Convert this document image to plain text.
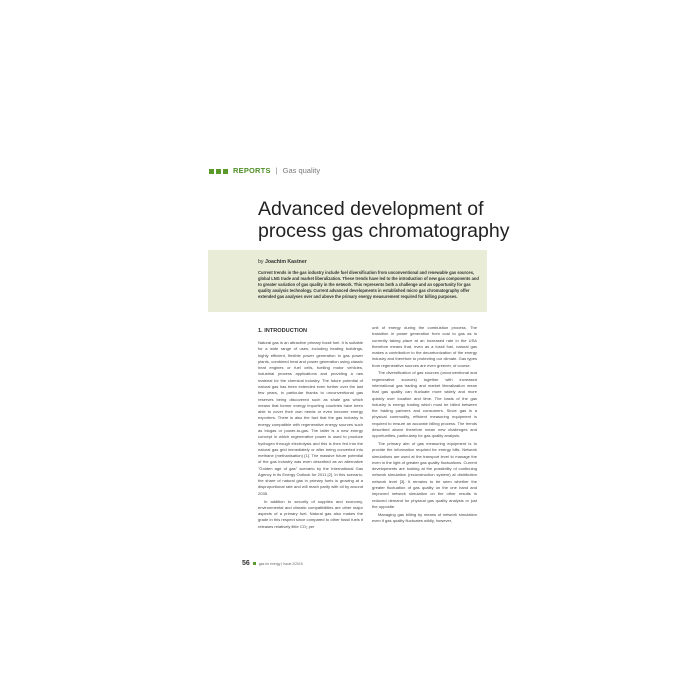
REPORTS | Gas quality
Advanced development of process gas chromatography
by Joachim Kastner

Current trends in the gas industry include fuel diversification from unconventional and renewable gas sources, global LNG trade and market liberalization. These trends have led to the introduction of new gas components and to greater variation of gas quality in the network. This represents both a challenge and an opportunity for gas quality analysis technology. Current advanced developments in established micro gas chromatography offer extended gas analyses over and above the primary energy measurement required for billing purposes.

1. INTRODUCTION

Natural gas is an attractive primary fossil fuel. It is suitable for a wide range of uses, including heating buildings, highly efficient, flexible power generation in gas power plants, combined heat and power generation using classic heat engines or fuel cells, fuelling motor vehicles, industrial process applications and providing a raw material for the chemical industry. The future potential of natural gas has been extended even further over the last few years, in particular thanks to unconventional gas reserves being discovered such as shale gas which means that former energy importing countries have been able to cover their own needs or even become energy exporters. There is also the fact that the gas industry is energy compatible with regenerative energy sources such as biogas or power-to-gas. The latter is a new energy concept in which regenerative power is used to produce hydrogen through electrolysis and this is then fed into the natural gas grid immediately or after being converted into methane (methanisation) [1]. The massive future potential of the gas industry was even described as an alternative "Golden age of gas" scenario by the International Gas Agency in its Energy Outlook for 2011 [2]. In this scenario, the share of natural gas in primary fuels is growing at a disproportional rate and will reach parity with oil by around 2035.

In addition to security of supplies and economy, environmental and climatic compatibilities are other major aspects of a primary fuel. Natural gas also makes the grade in this respect since compared to other fossil fuels it releases relatively little CO₂ per

unit of energy during the combustion process. The transition in power generation from coal to gas as is currently taking place at an increased rate in the USA therefore means that, even as a fossil fuel, natural gas makes a contribution to the decarbonization of the energy industry and therefore to protecting our climate. Gas types from regenerative sources are even greener, of course.

The diversification of gas sources (unconventional and regenerative sources) together with increased international gas trading and market liberalization mean that gas quality can fluctuate more widely and more quickly over location and time. The basis of the gas industry is energy trading which must be billed between the trading partners and consumers. Since gas is a physical commodity, efficient measuring equipment is required to ensure an accurate billing process. The trends described above therefore mean new challenges and opportunities, particularly for gas quality analysis.

The primary aim of gas measuring equipment is to provide the information required for energy bills. Network simulations are used at the transport level to manage the even in the light of greater gas quality fluctuations. Current developments are looking at the possibility of continuing network simulation (reconstruction system) at distribution network level [3]. It remains to be seen whether the greater fluctuation of gas quality on the one hand and improved network simulation on the other results in reduced demand for physical gas quality analysis or just the opposite.

Managing gas billing by means of network simulation even if gas quality fluctuates wildly, however,

56	gas for energy | Issue 2/2015
